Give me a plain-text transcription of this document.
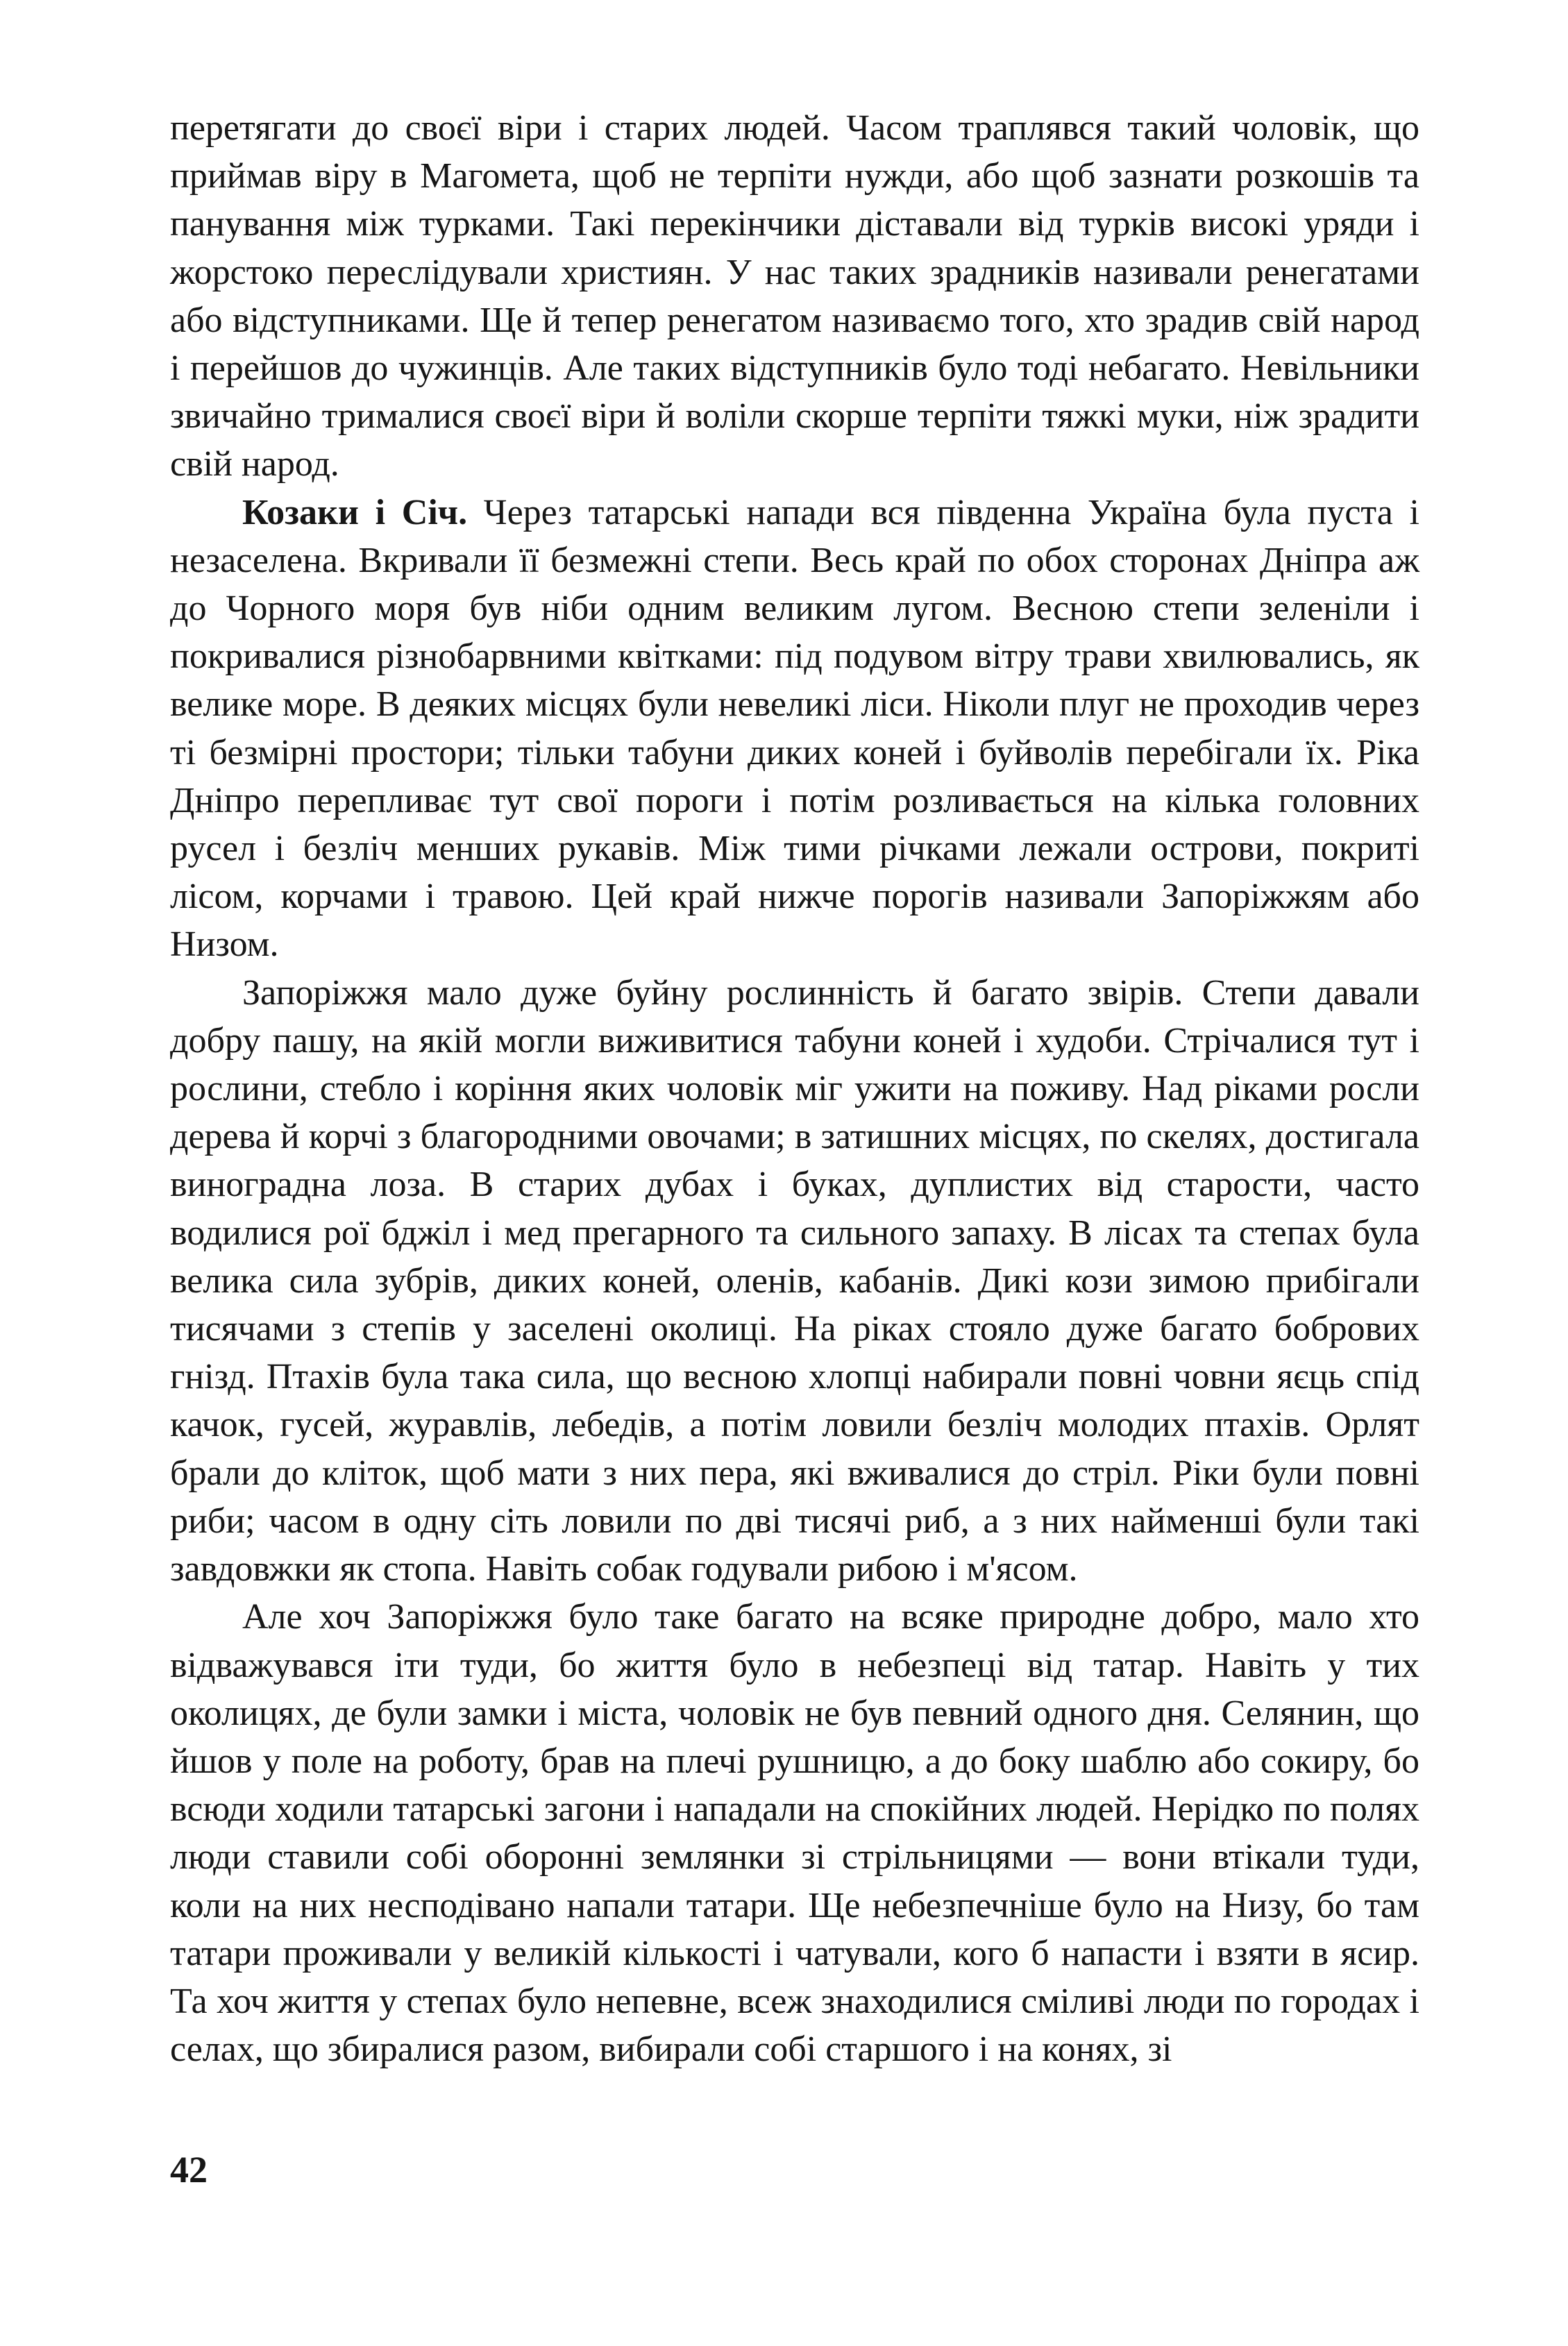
перетягати до своєї віри і старих людей. Часом траплявся такий чоловік, що приймав віру в Магомета, щоб не терпіти нужди, або щоб зазнати розкошів та панування між турками. Такі перекінчики діставали від турків високі уряди і жорстоко переслідували християн. У нас таких зрадників називали ренегатами або відступниками. Ще й тепер ренегатом називаємо того, хто зрадив свій народ і перейшов до чужинців. Але таких відступників було тоді небагато. Невільники звичайно трималися своєї віри й воліли скорше терпіти тяжкі муки, ніж зрадити свій народ.

Козаки і Січ. Через татарські напади вся південна Україна була пуста і незаселена. Вкривали її безмежні степи. Весь край по обох сторонах Дніпра аж до Чорного моря був ніби одним великим лугом. Весною степи зеленіли і покривалися різнобарвними квітками: під подувом вітру трави хвилювались, як велике море. В деяких місцях були невеликі ліси. Ніколи плуг не проходив через ті безмірні простори; тільки табуни диких коней і буйволів перебігали їх. Ріка Дніпро перепливає тут свої пороги і потім розливається на кілька головних русел і безліч менших рукавів. Між тими річками лежали острови, покриті лісом, корчами і травою. Цей край нижче порогів називали Запоріжжям або Низом.

Запоріжжя мало дуже буйну рослинність й багато звірів. Степи давали добру пашу, на якій могли виживитися табуни коней і худоби. Стрічалися тут і рослини, стебло і коріння яких чоловік міг ужити на поживу. Над ріками росли дерева й корчі з благородними овочами; в затишних місцях, по скелях, достигала виноградна лоза. В старих дубах і буках, дуплистих від старости, часто водилися рої бджіл і мед прегарного та сильного запаху. В лісах та степах була велика сила зубрів, диких коней, оленів, кабанів. Дикі кози зимою прибігали тисячами з степів у заселені околиці. На ріках стояло дуже багато бобрових гнізд. Птахів була така сила, що весною хлопці набирали повні човни яєць спід качок, гусей, журавлів, лебедів, а потім ловили безліч молодих птахів. Орлят брали до кліток, щоб мати з них пера, які вживалися до стріл. Ріки були повні риби; часом в одну сіть ловили по дві тисячі риб, а з них найменші були такі завдовжки як стопа. Навіть собак годували рибою і м'ясом.

Але хоч Запоріжжя було таке багато на всяке природне добро, мало хто відважувався іти туди, бо життя було в небезпеці від татар. Навіть у тих околицях, де були замки і міста, чоловік не був певний одного дня. Селянин, що йшов у поле на роботу, брав на плечі рушницю, а до боку шаблю або сокиру, бо всюди ходили татарські загони і нападали на спокійних людей. Нерідко по полях люди ставили собі оборонні землянки зі стрільницями — вони втікали туди, коли на них несподівано напали татари. Ще небезпечніше було на Низу, бо там татари проживали у великій кількості і чатували, кого б напасти і взяти в ясир. Та хоч життя у степах було непевне, всеж знаходилися сміливі люди по городах і селах, що збиралися разом, вибирали собі старшого і на конях, зі

42
